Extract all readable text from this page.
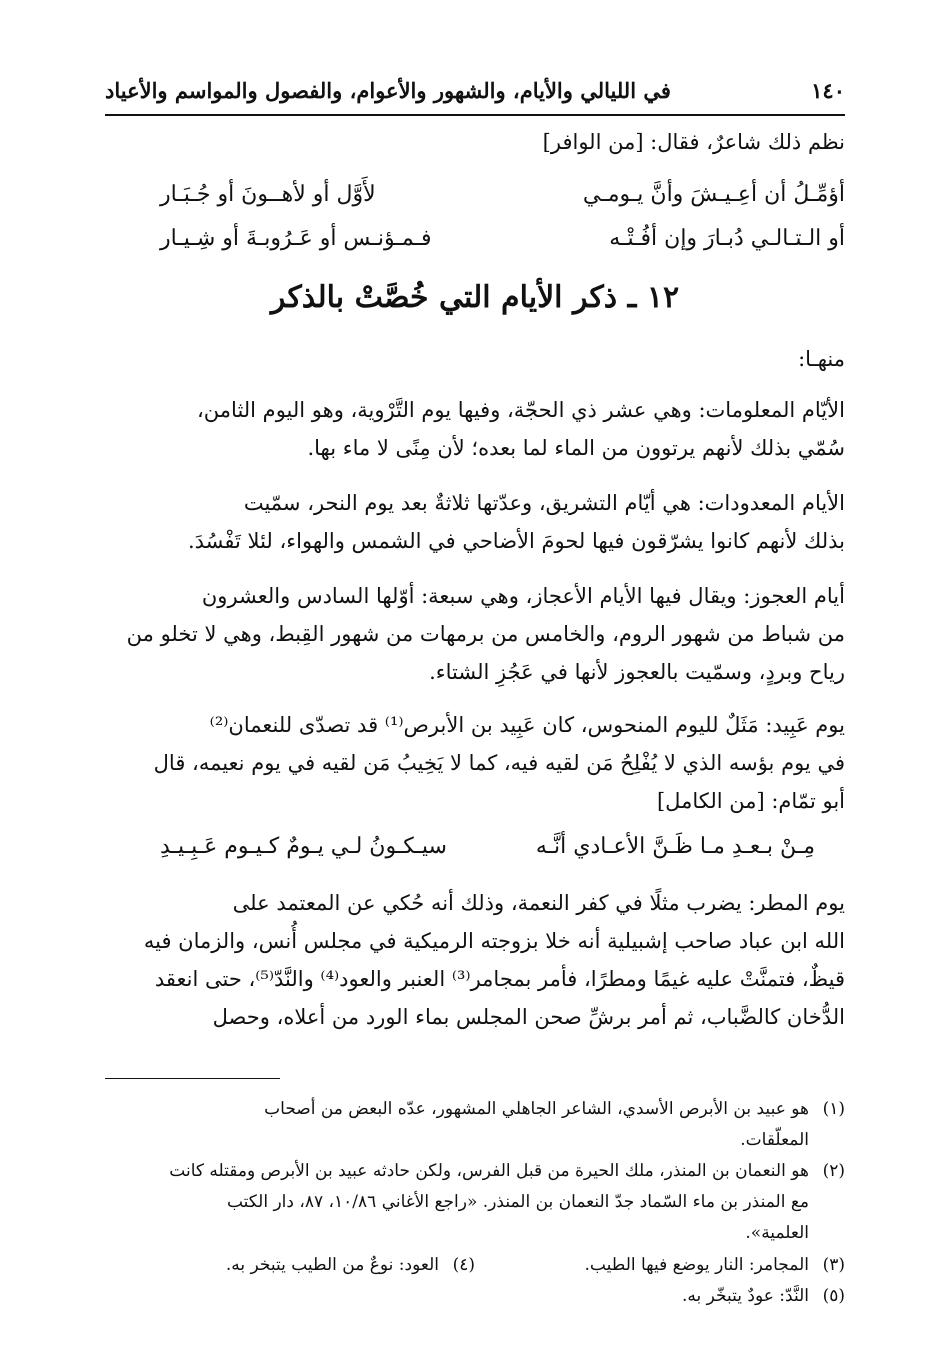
١٤٠
في الليالي والأيام، والشهور والأعوام، والفصول والمواسم والأعياد
نظم ذلك شاعرٌ، فقال: [من الوافر]
أؤمِّـلُ أن أعِـيـشَ وأنَّ يـومـي
لأَوَّل أو لأهــونَ أو جُـبَـار
أو الـتـالـي دُبـارَ وإن أفُـتْـه
فـمـؤنـس أو عَـرُوبـةَ أو شِـيـار
١٢ ـ ذكر الأيام التي خُصَّتْ بالذكر
منهـا:
الأيّام المعلومات: وهي عشر ذي الحجّة، وفيها يوم التَّرْوية، وهو اليوم الثامن،
سُمّي بذلك لأنهم يرتوون من الماء لما بعده؛ لأن مِنًى لا ماء بها.
الأيام المعدودات: هي أيّام التشريق، وعدّتها ثلاثةٌ بعد يوم النحر، سمّيت
بذلك لأنهم كانوا يشرّقون فيها لحومَ الأضاحي في الشمس والهواء، لئلا تَفْسُدَ.
أيام العجوز: ويقال فيها الأيام الأعجاز، وهي سبعة: أوّلها السادس والعشرون
من شباط من شهور الروم، والخامس من برمهات من شهور القِبط، وهي لا تخلو من
رياح وبردٍ، وسمّيت بالعجوز لأنها في عَجُزِ الشتاء.
يوم عَبِيد: مَثَلٌ لليوم المنحوس، كان عَبِيد بن الأبرص⁽¹⁾ قد تصدّى للنعمان⁽²⁾
في يوم بؤسه الذي لا يُفْلِحُ مَن لقيه فيه، كما لا يَخِيبُ مَن لقيه في يوم نعيمه، قال
أبو تمّام: [من الكامل]
مِـنْ بـعـدِ مـا ظَـنَّ الأعـادي أنَّـه
سيـكـونُ لـي يـومٌ كـيـوم عَـبِـيـدِ
يوم المطر: يضرب مثلًا في كفر النعمة، وذلك أنه حُكي عن المعتمد على
الله ابن عباد صاحب إشبيلية أنه خلا بزوجته الرميكية في مجلس أُنس، والزمان فيه
قيظٌ، فتمنَّتْ عليه غيمًا ومطرًا، فأمر بمجامر⁽³⁾ العنبر والعود⁽⁴⁾ والنَّدّ⁽⁵⁾، حتى انعقد
الدُّخان كالضَّباب، ثم أمر برشِّ صحن المجلس بماء الورد من أعلاه، وحصل
(١)هو عبيد بن الأبرص الأسدي، الشاعر الجاهلي المشهور، عدّه البعض من أصحاب
المعلّقات.
(٢)هو النعمان بن المنذر، ملك الحيرة من قبل الفرس، ولكن حادثه عبيد بن الأبرص ومقتله كانت
مع المنذر بن ماء السّماد جدّ النعمان بن المنذر. «راجع الأغاني ١٠/٨٦، ٨٧، دار الكتب
العلمية».
(٣)المجامر: النار يوضع فيها الطيب.
(٤)العود: نوعٌ من الطيب يتبخر به.
(٥)النَّدّ: عودٌ يتبخّر به.
